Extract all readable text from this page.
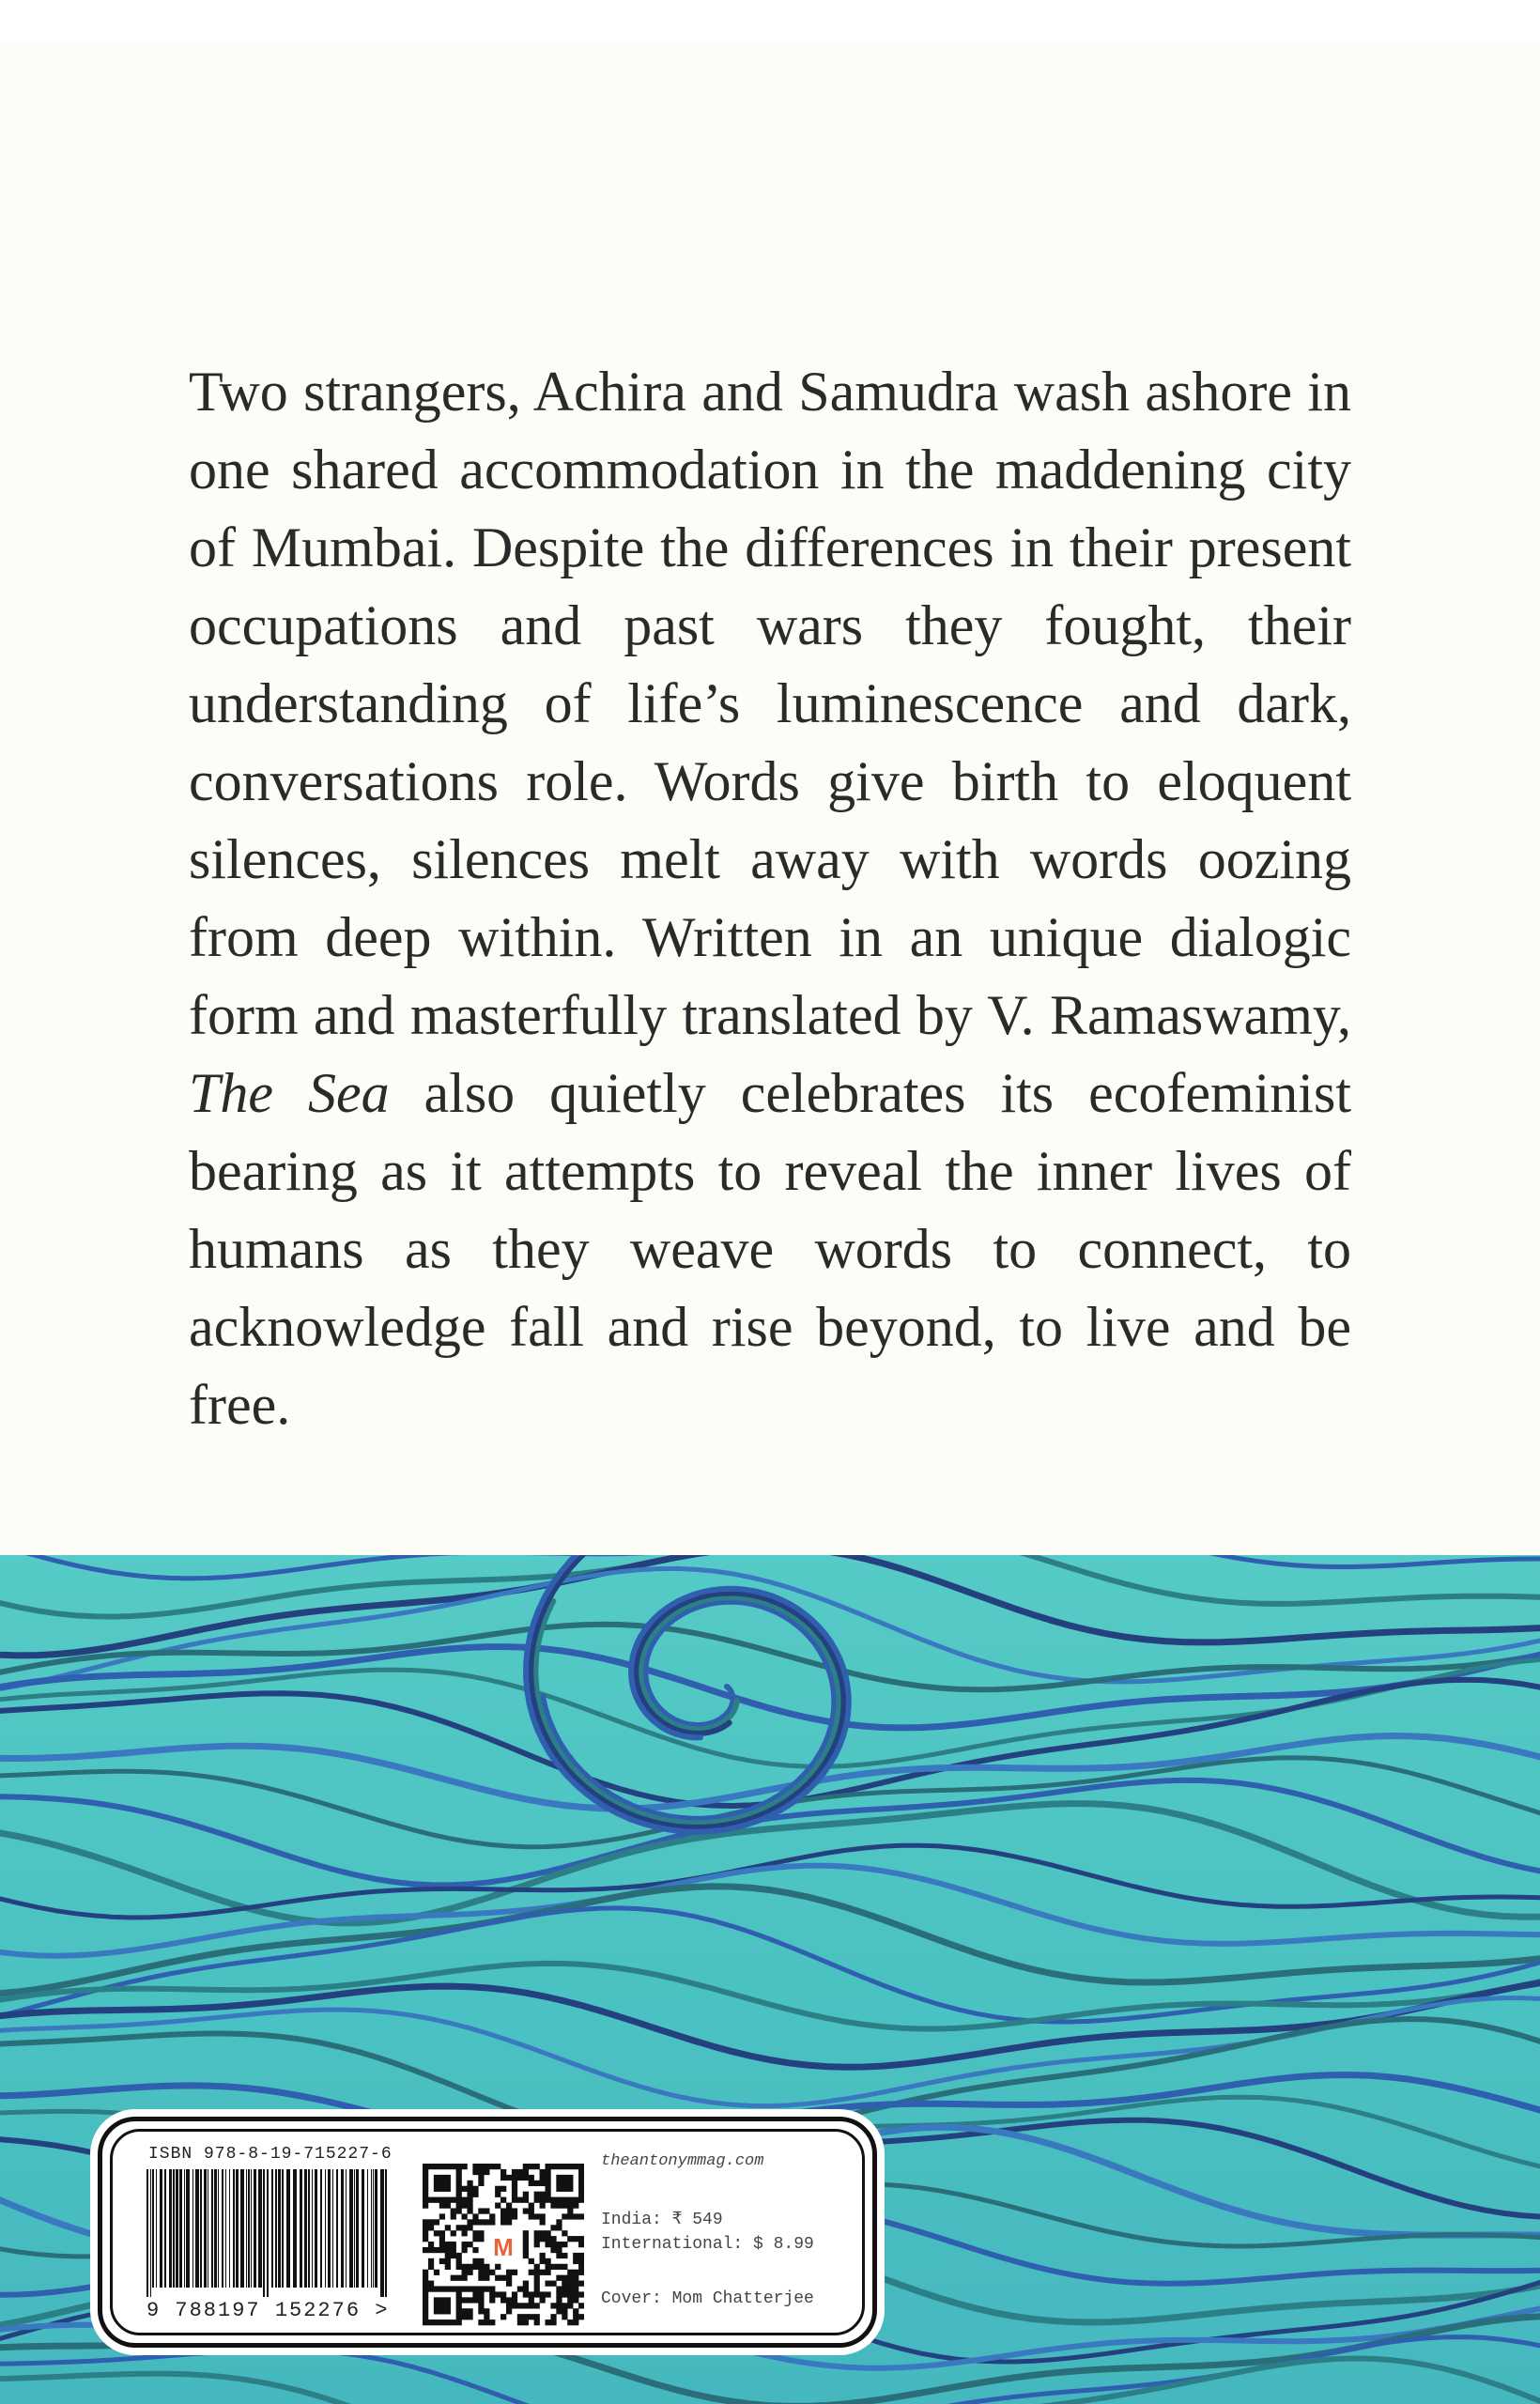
Two strangers, Achira and Samudra wash ashore in one shared accommodation in the maddening city of Mumbai. Despite the differences in their present occupations and past wars they fought, their understanding of life’s luminescence and dark, conversations role. Words give birth to eloquent silences, silences melt away with words oozing from deep within. Written in an unique dialogic form and masterfully translated by V. Ramaswamy, The Sea also quietly celebrates its ecofeminist bearing as it attempts to reveal the inner lives of humans as they weave words to connect, to acknowledge fall and rise beyond, to live and be free.

ISBN 978-8-19-715227-6
9 788197 152276 >
M
theantonymmag.com
India: ₹ 549
International: $ 8.99
Cover: Mom Chatterjee
